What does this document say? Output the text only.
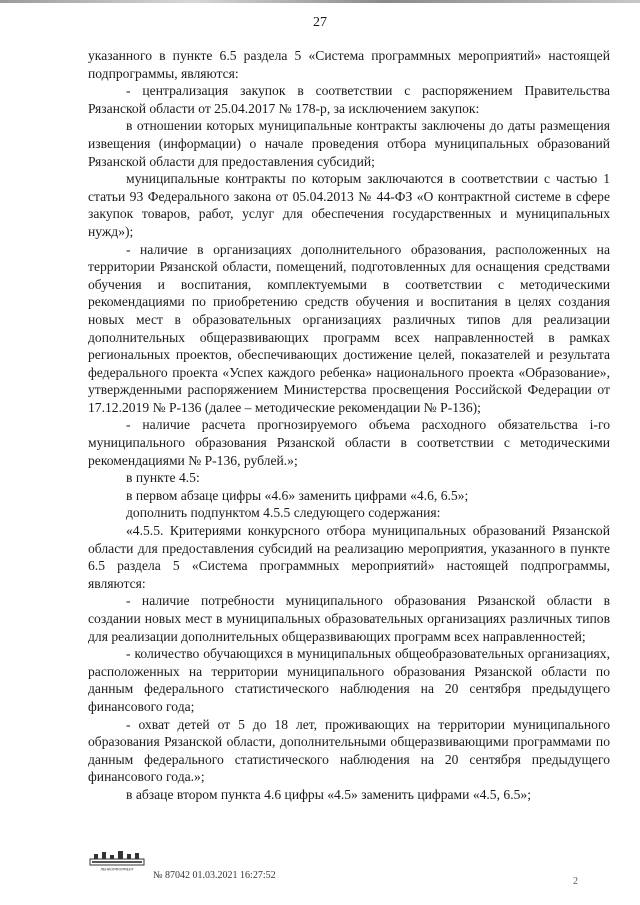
27

указанного в пункте 6.5 раздела 5 «Система программных мероприятий» настоящей подпрограммы, являются:

- централизация закупок в соответствии с распоряжением Правительства Рязанской области от 25.04.2017 № 178-р, за исключением закупок:

в отношении которых муниципальные контракты заключены до даты размещения извещения (информации) о начале проведения отбора муниципальных образований Рязанской области для предоставления субсидий;

муниципальные контракты по которым заключаются в соответствии с частью 1 статьи 93 Федерального закона от 05.04.2013 № 44-ФЗ «О контрактной системе в сфере закупок товаров, работ, услуг для обеспечения государственных и муниципальных нужд»);

- наличие в организациях дополнительного образования, расположенных на территории Рязанской области, помещений, подготовленных для оснащения средствами обучения и воспитания, комплектуемыми в соответствии с методическими рекомендациями по приобретению средств обучения и воспитания в целях создания новых мест в образовательных организациях различных типов для реализации дополнительных общеразвивающих программ всех направленностей в рамках региональных проектов, обеспечивающих достижение целей, показателей и результата федерального проекта «Успех каждого ребенка» национального проекта «Образование», утвержденными распоряжением Министерства просвещения Российской Федерации от 17.12.2019 № Р-136 (далее – методические рекомендации № Р-136);

- наличие расчета прогнозируемого объема расходного обязательства i-го муниципального образования Рязанской области в соответствии с методическими рекомендациями № Р-136, рублей.»;

в пункте 4.5:

в первом абзаце цифры «4.6» заменить цифрами «4.6, 6.5»;

дополнить подпунктом 4.5.5 следующего содержания:

«4.5.5. Критериями конкурсного отбора муниципальных образований Рязанской области для предоставления субсидий на реализацию мероприятия, указанного в пункте 6.5 раздела 5 «Система программных мероприятий» настоящей подпрограммы, являются:

- наличие потребности муниципального образования Рязанской области в создании новых мест в муниципальных образовательных организациях различных типов для реализации дополнительных общеразвивающих программ всех направленностей;

- количество обучающихся в муниципальных общеобразовательных организациях, расположенных на территории муниципального образования Рязанской области по данным федерального статистического наблюдения на 20 сентября предыдущего финансового года;

- охват детей от 5 до 18 лет, проживающих на территории муниципального образования Рязанской области, дополнительными общеразвивающими программами по данным федерального статистического наблюдения на 20 сентября предыдущего финансового года.»;

в абзаце втором пункта 4.6 цифры «4.5» заменить цифрами «4.5, 6.5»;

ЛЕНКОРФОРМЕНТ
№ 87042 01.03.2021 16:27:52
2
